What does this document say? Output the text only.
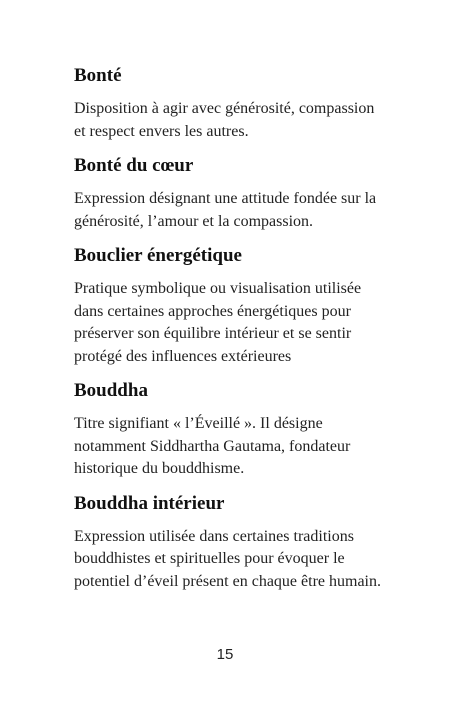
Bonté

Disposition à agir avec générosité, compassion et respect envers les autres.

Bonté du cœur

Expression désignant une attitude fondée sur la générosité, l’amour et la compassion.

Bouclier énergétique

Pratique symbolique ou visualisation utilisée dans certaines approches énergétiques pour préserver son équilibre intérieur et se sentir protégé des influences extérieures

Bouddha

Titre signifiant « l’Éveillé ». Il désigne notamment Siddhartha Gautama, fondateur historique du bouddhisme.

Bouddha intérieur

Expression utilisée dans certaines traditions bouddhistes et spirituelles pour évoquer le potentiel d’éveil présent en chaque être humain.

15
